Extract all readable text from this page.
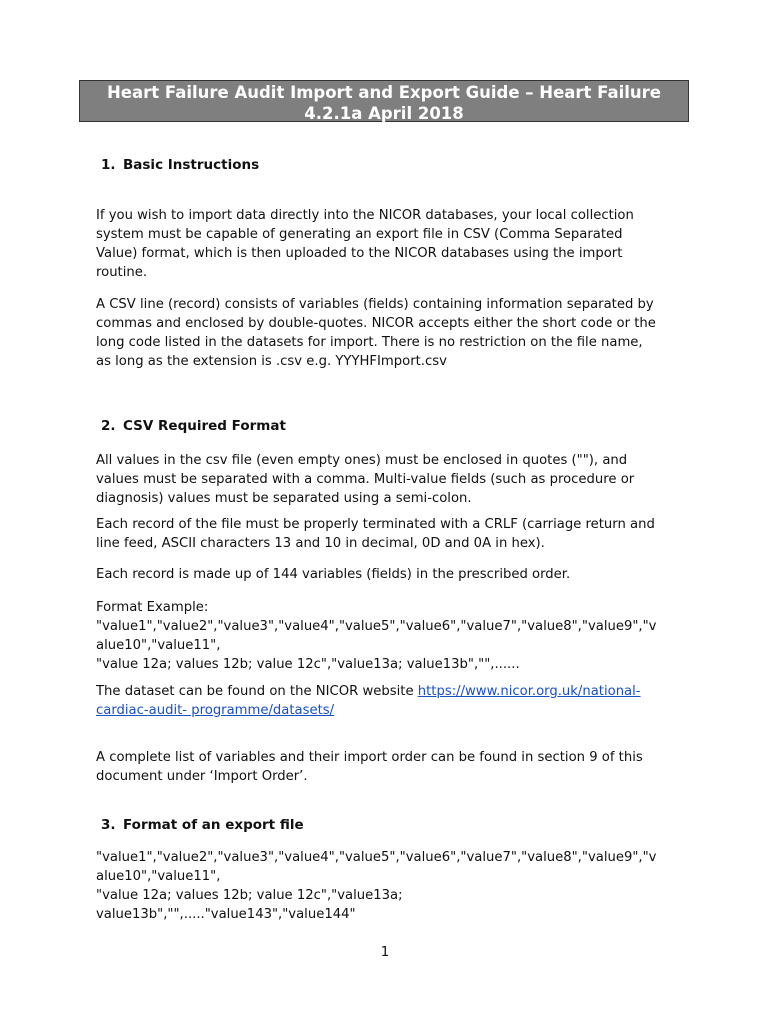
Heart Failure Audit Import and Export Guide – Heart Failure
4.2.1a April 2018
1. Basic Instructions
If you wish to import data directly into the NICOR databases, your local collection
system must be capable of generating an export file in CSV (Comma Separated
Value) format, which is then uploaded to the NICOR databases using the import
routine.
A CSV line (record) consists of variables (fields) containing information separated by
commas and enclosed by double-quotes. NICOR accepts either the short code or the
long code listed in the datasets for import. There is no restriction on the file name,
as long as the extension is .csv e.g. YYYHFImport.csv
2. CSV Required Format
All values in the csv file (even empty ones) must be enclosed in quotes (""), and
values must be separated with a comma. Multi-value fields (such as procedure or
diagnosis) values must be separated using a semi-colon.
Each record of the file must be properly terminated with a CRLF (carriage return and
line feed, ASCII characters 13 and 10 in decimal, 0D and 0A in hex).
Each record is made up of 144 variables (fields) in the prescribed order.
Format Example:
"value1","value2","value3","value4","value5","value6","value7","value8","value9","v
alue10","value11",
"value 12a; values 12b; value 12c","value13a; value13b","",......
The dataset can be found on the NICOR website https://www.nicor.org.uk/national-
cardiac-audit- programme/datasets/
A complete list of variables and their import order can be found in section 9 of this
document under ‘Import Order’.
3. Format of an export file
"value1","value2","value3","value4","value5","value6","value7","value8","value9","v
alue10","value11",
"value 12a; values 12b; value 12c","value13a;
value13b","",....."value143","value144"
1
